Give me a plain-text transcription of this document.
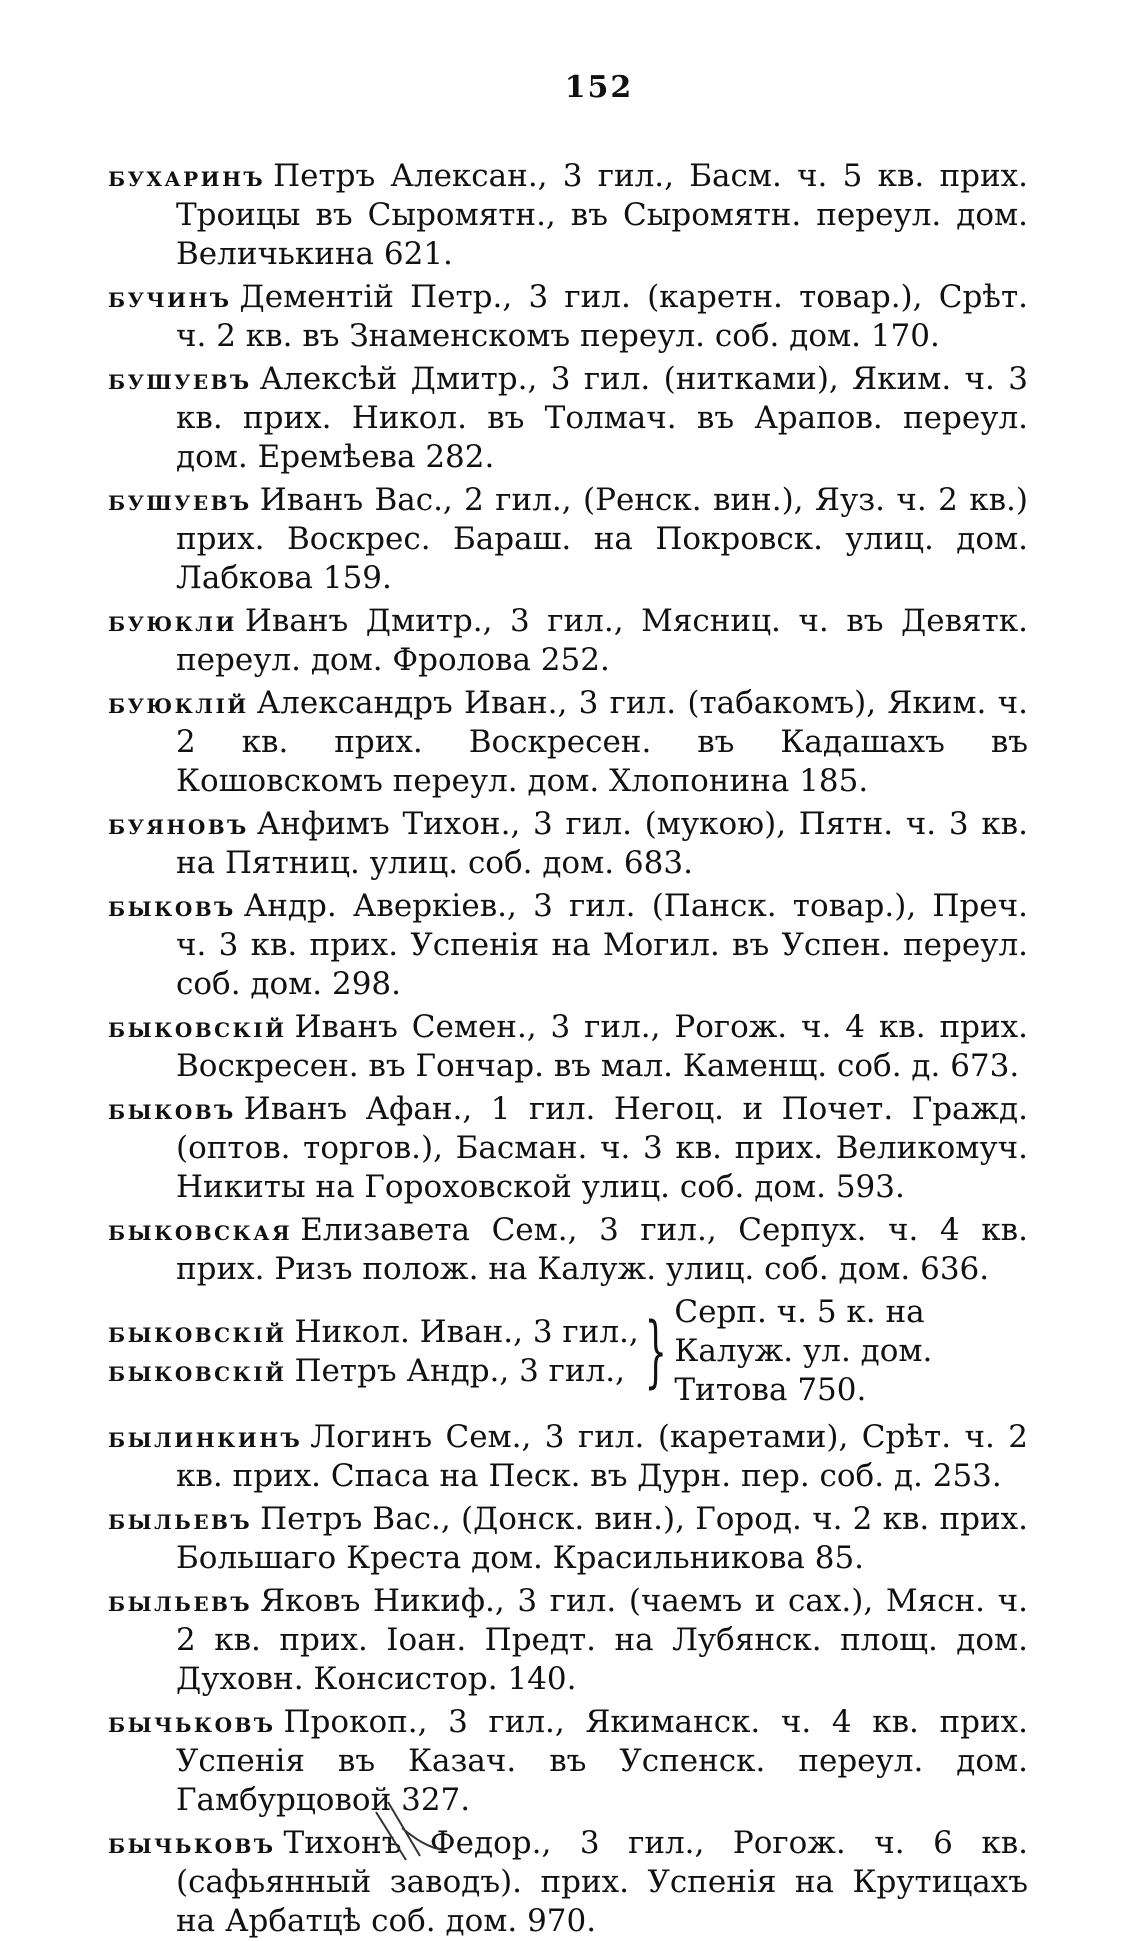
152
бухаринъ Петръ Алексан., 3 гил., Басм. ч. 5 кв. прих. Троицы въ Сыромятн., въ Сыромятн. переул. дом. Величькина 621.
бучинъ Дементій Петр., 3 гил. (каретн. товар.), Срѣт. ч. 2 кв. въ Знаменскомъ переул. соб. дом. 170.
бушуевъ Алексѣй Дмитр., 3 гил. (нитками), Яким. ч. 3 кв. прих. Никол. въ Толмач. въ Арапов. переул. дом. Еремѣева 282.
бушуевъ Иванъ Вас., 2 гил., (Ренск. вин.), Яуз. ч. 2 кв.) прих. Воскрес. Бараш. на Покровск. улиц. дом. Лабкова 159.
буюкли Иванъ Дмитр., 3 гил., Мясниц. ч. въ Девятк. переул. дом. Фролова 252.
буюклій Александръ Иван., 3 гил. (табакомъ), Яким. ч. 2 кв. прих. Воскресен. въ Кадашахъ въ Кошовскомъ переул. дом. Хлопонина 185.
буяновъ Анфимъ Тихон., 3 гил. (мукою), Пятн. ч. 3 кв. на Пятниц. улиц. соб. дом. 683.
быковъ Андр. Аверкіев., 3 гил. (Панск. товар.), Преч. ч. 3 кв. прих. Успенія на Могил. въ Успен. переул. соб. дом. 298.
быковскій Иванъ Семен., 3 гил., Рогож. ч. 4 кв. прих. Воскресен. въ Гончар. въ мал. Каменщ. соб. д. 673.
быковъ Иванъ Афан., 1 гил. Негоц. и Почет. Гражд. (оптов. торгов.), Басман. ч. 3 кв. прих. Великомуч. Никиты на Гороховской улиц. соб. дом. 593.
быковская Елизавета Сем., 3 гил., Серпух. ч. 4 кв. прих. Ризъ полож. на Калуж. улиц. соб. дом. 636.
быковскій Никол. Иван., 3 гил.,
быковскій Петръ Андр., 3 гил., } Серп. ч. 5 к. на Калуж. ул. дом. Титова 750.
былинкинъ Логинъ Сем., 3 гил. (каретами), Срѣт. ч. 2 кв. прих. Спаса на Песк. въ Дурн. пер. соб. д. 253.
быльевъ Петръ Вас., (Донск. вин.), Город. ч. 2 кв. прих. Большаго Креста дом. Красильникова 85.
быльевъ Яковъ Никиф., 3 гил. (чаемъ и сах.), Мясн. ч. 2 кв. прих. Іоан. Предт. на Лубянск. площ. дом. Духовн. Консистор. 140.
бычьковъ Прокоп., 3 гил., Якиманск. ч. 4 кв. прих. Успенія въ Казач. въ Успенск. переул. дом. Гамбурцовой 327.
бычьковъ Тихонъ Федор., 3 гил., Рогож. ч. 6 кв. (сафьянный заводъ). прих. Успенія на Крутицахъ на Арбатцѣ соб. дом. 970.
